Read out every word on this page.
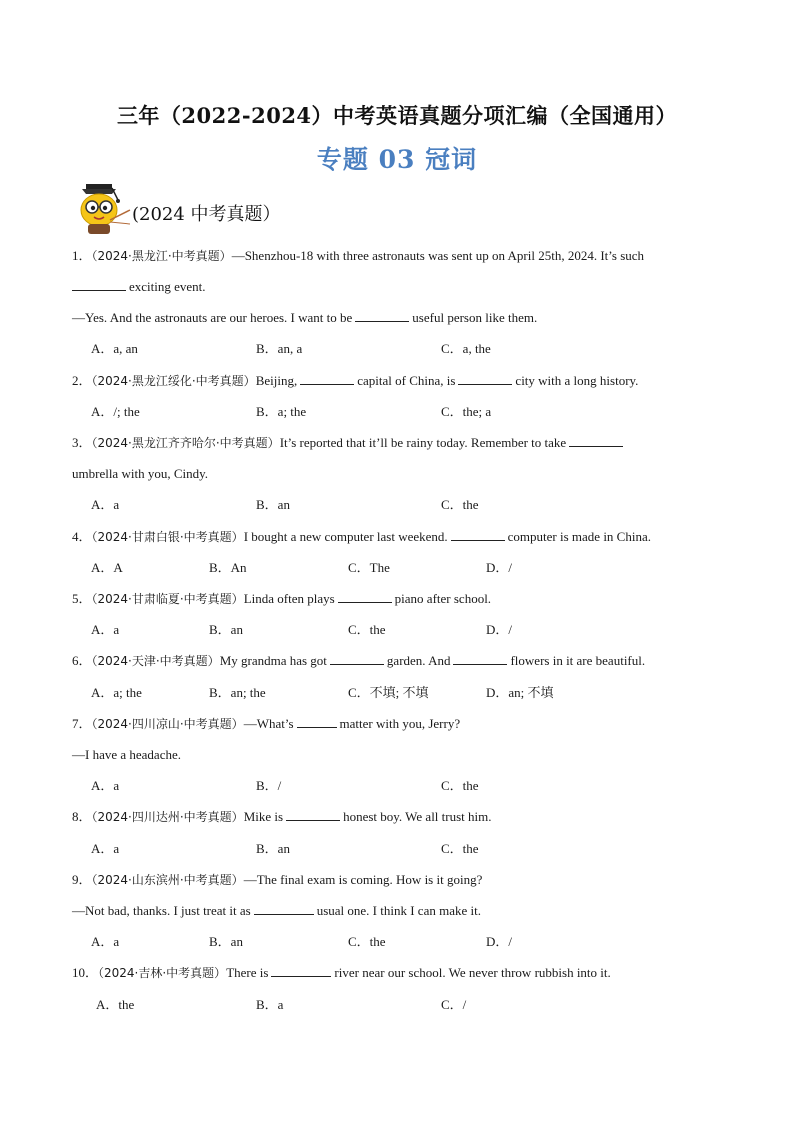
三年（2022-2024）中考英语真题分项汇编（全国通用）
专题 03 冠词
(2024 中考真题）
1．（2024·黑龙江·中考真题）—Shenzhou-18 with three astronauts was sent up on April 25th, 2024. It’s such
exciting event.
—Yes. And the astronauts are our heroes. I want to be	useful person like them.
A．a, an	B．an, a	C．a, the
2．（2024·黑龙江绥化·中考真题）Beijing,	capital of China, is	city with a long history.
A．/; the	B．a; the	C．the; a
3．（2024·黑龙江齐齐哈尔·中考真题）It’s reported that it’ll be rainy today. Remember to take
umbrella with you, Cindy.
A．a	B．an	C．the
4．（2024·甘肃白银·中考真题）I bought a new computer last weekend.	computer is made in China.
A．A	B．An	C．The	D．/
5．（2024·甘肃临夏·中考真题）Linda often plays	piano after school.
A．a	B．an	C．the	D．/
6．（2024·天津·中考真题）My grandma has got	garden. And	flowers in it are beautiful.
A．a; the	B．an; the	C．不填; 不填	D．an; 不填
7．（2024·四川凉山·中考真题）—What’s	matter with you, Jerry?
—I have a headache.
A．a	B．/	C．the
8．（2024·四川达州·中考真题）Mike is	honest boy. We all trust him.
A．a	B．an	C．the
9．（2024·山东滨州·中考真题）—The final exam is coming. How is it going?
—Not bad, thanks. I just treat it as	usual one. I think I can make it.
A．a	B．an	C．the	D．/
10．（2024·吉林·中考真题）There is	river near our school. We never throw rubbish into it.
A．the	B．a	C．/
